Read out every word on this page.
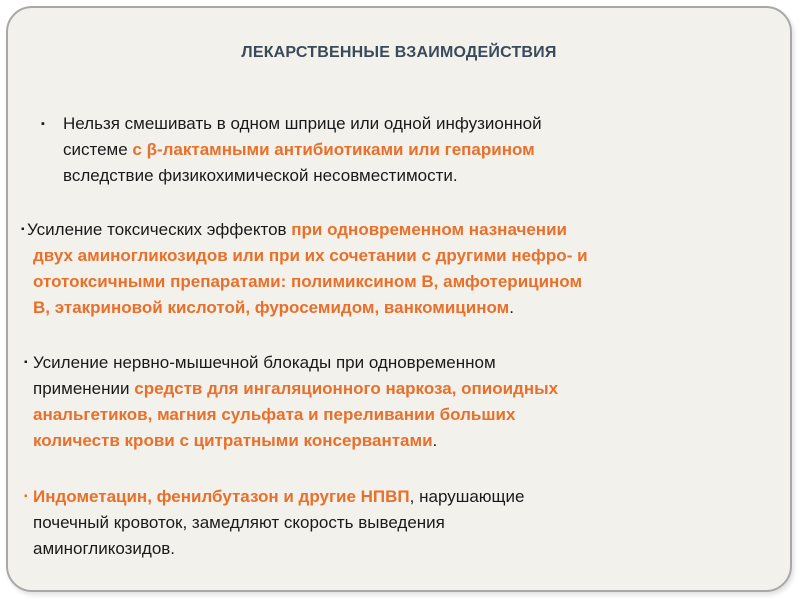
ЛЕКАРСТВЕННЫЕ ВЗАИМОДЕЙСТВИЯ
▪ Нельзя смешивать в одном шприце или одной инфузионной
системе с β-лактамными антибиотиками или гепарином
вследствие физикохимической несовместимости.
▪ Усиление токсических эффектов при одновременном назначении
двух аминогликозидов или при их сочетании с другими нефро- и
ототоксичными препаратами: полимиксином В, амфотерицином
В, этакриновой кислотой, фуросемидом, ванкомицином.
▪ Усиление нервно-мышечной блокады при одновременном
применении средств для ингаляционного наркоза, опиоидных
анальгетиков, магния сульфата и переливании больших
количеств крови с цитратными консервантами.
▪ Индометацин, фенилбутазон и другие НПВП, нарушающие
почечный кровоток, замедляют скорость выведения
аминогликозидов.
